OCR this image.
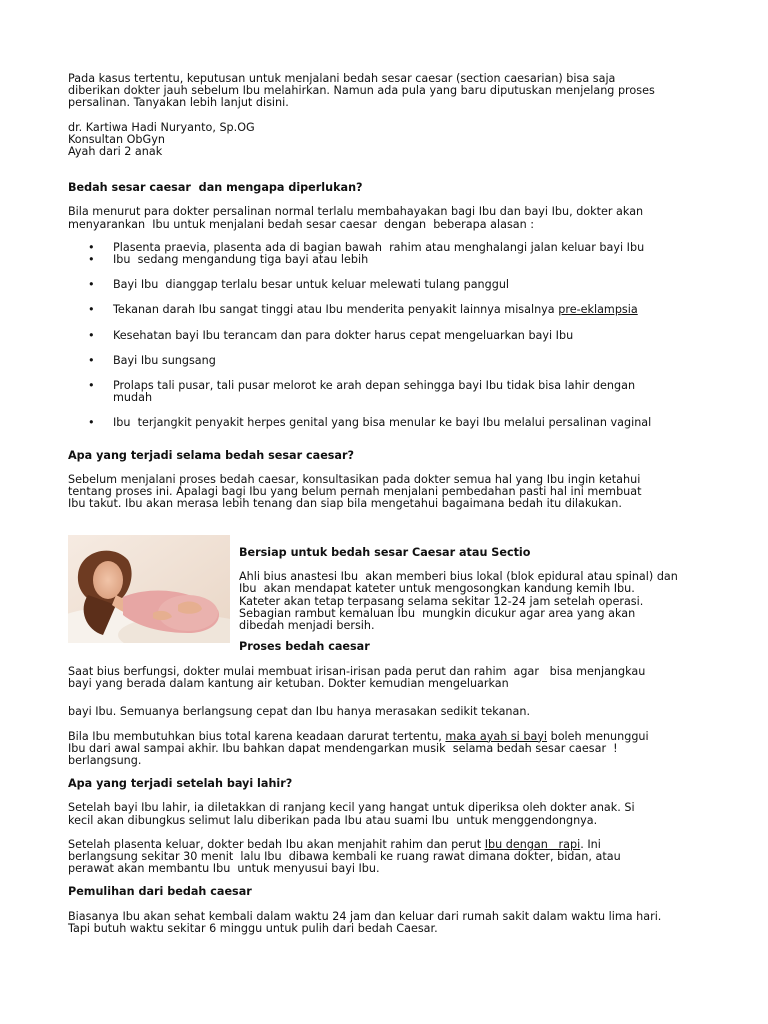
Pada kasus tertentu, keputusan untuk menjalani bedah sesar caesar (section caesarian) bisa saja
diberikan dokter jauh sebelum Ibu melahirkan. Namun ada pula yang baru diputuskan menjelang proses
persalinan. Tanyakan lebih lanjut disini.

dr. Kartiwa Hadi Nuryanto, Sp.OG
Konsultan ObGyn
Ayah dari 2 anak

Bedah sesar caesar  dan mengapa diperlukan?

Bila menurut para dokter persalinan normal terlalu membahayakan bagi Ibu dan bayi Ibu, dokter akan
menyarankan  Ibu untuk menjalani bedah sesar caesar  dengan  beberapa alasan :

• Plasenta praevia, plasenta ada di bagian bawah  rahim atau menghalangi jalan keluar bayi Ibu
• Ibu  sedang mengandung tiga bayi atau lebih
• Bayi Ibu  dianggap terlalu besar untuk keluar melewati tulang panggul
• Tekanan darah Ibu sangat tinggi atau Ibu menderita penyakit lainnya misalnya pre-eklampsia
• Kesehatan bayi Ibu terancam dan para dokter harus cepat mengeluarkan bayi Ibu
• Bayi Ibu sungsang
• Prolaps tali pusar, tali pusar melorot ke arah depan sehingga bayi Ibu tidak bisa lahir dengan
mudah
• Ibu  terjangkit penyakit herpes genital yang bisa menular ke bayi Ibu melalui persalinan vaginal

Apa yang terjadi selama bedah sesar caesar?

Sebelum menjalani proses bedah caesar, konsultasikan pada dokter semua hal yang Ibu ingin ketahui
tentang proses ini. Apalagi bagi Ibu yang belum pernah menjalani pembedahan pasti hal ini membuat
Ibu takut. Ibu akan merasa lebih tenang dan siap bila mengetahui bagaimana bedah itu dilakukan.

Bersiap untuk bedah sesar Caesar atau Sectio

Ahli bius anastesi Ibu  akan memberi bius lokal (blok epidural atau spinal) dan
Ibu  akan mendapat kateter untuk mengosongkan kandung kemih Ibu.
Kateter akan tetap terpasang selama sekitar 12-24 jam setelah operasi.
Sebagian rambut kemaluan Ibu  mungkin dicukur agar area yang akan
dibedah menjadi bersih.

Proses bedah caesar

Saat bius berfungsi, dokter mulai membuat irisan-irisan pada perut dan rahim  agar   bisa menjangkau
bayi yang berada dalam kantung air ketuban. Dokter kemudian mengeluarkan

bayi Ibu. Semuanya berlangsung cepat dan Ibu hanya merasakan sedikit tekanan.

Bila Ibu membutuhkan bius total karena keadaan darurat tertentu, maka ayah si bayi boleh menunggui
Ibu dari awal sampai akhir. Ibu bahkan dapat mendengarkan musik  selama bedah sesar caesar  !
berlangsung.

Apa yang terjadi setelah bayi lahir?

Setelah bayi Ibu lahir, ia diletakkan di ranjang kecil yang hangat untuk diperiksa oleh dokter anak. Si
kecil akan dibungkus selimut lalu diberikan pada Ibu atau suami Ibu  untuk menggendongnya.

Setelah plasenta keluar, dokter bedah Ibu akan menjahit rahim dan perut Ibu dengan   rapi. Ini
berlangsung sekitar 30 menit  lalu Ibu  dibawa kembali ke ruang rawat dimana dokter, bidan, atau
perawat akan membantu Ibu  untuk menyusui bayi Ibu.

Pemulihan dari bedah caesar

Biasanya Ibu akan sehat kembali dalam waktu 24 jam dan keluar dari rumah sakit dalam waktu lima hari.
Tapi butuh waktu sekitar 6 minggu untuk pulih dari bedah Caesar.
